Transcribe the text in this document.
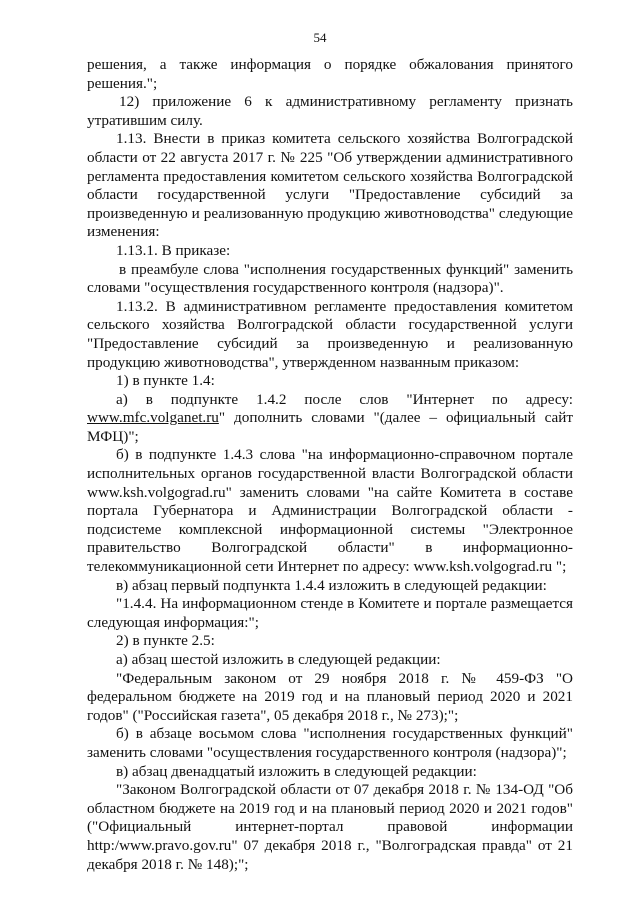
54

решения, а также информация о порядке обжалования принятого решения.";

12) приложение 6 к административному регламенту признать утратившим силу.

1.13. Внести в приказ комитета сельского хозяйства Волгоградской области от 22 августа 2017 г. № 225 "Об утверждении административного регламента предоставления комитетом сельского хозяйства Волгоградской области государственной услуги "Предоставление субсидий за произведенную и реализованную продукцию животноводства" следующие изменения:

1.13.1. В приказе:

в преамбуле слова "исполнения государственных функций" заменить словами "осуществления государственного контроля (надзора)".

1.13.2. В административном регламенте предоставления комитетом сельского хозяйства Волгоградской области государственной услуги "Предоставление субсидий за произведенную и реализованную продукцию животноводства", утвержденном названным приказом:

1) в пункте 1.4:

а) в подпункте 1.4.2 после слов "Интернет по адресу: www.mfc.volganet.ru" дополнить словами "(далее – официальный сайт МФЦ)";

б) в подпункте 1.4.3 слова "на информационно-справочном портале исполнительных органов государственной власти Волгоградской области www.ksh.volgograd.ru" заменить словами "на сайте Комитета в составе портала Губернатора и Администрации Волгоградской области - подсистеме комплексной информационной системы "Электронное правительство Волгоградской области" в информационно-телекоммуникационной сети Интернет по адресу: www.ksh.volgograd.ru ";

в) абзац первый подпункта 1.4.4 изложить в следующей редакции:

"1.4.4. На информационном стенде в Комитете и портале размещается следующая информация:";

2) в пункте 2.5:

а) абзац шестой изложить в следующей редакции:

"Федеральным законом от 29 ноября 2018 г. № 459-ФЗ "О федеральном бюджете на 2019 год и на плановый период 2020 и 2021 годов" ("Российская газета", 05 декабря 2018 г., № 273);";

б) в абзаце восьмом слова "исполнения государственных функций" заменить словами "осуществления государственного контроля (надзора)";

в) абзац двенадцатый изложить в следующей редакции:

"Законом Волгоградской области от 07 декабря 2018 г. № 134-ОД "Об областном бюджете на 2019 год и на плановый период 2020 и 2021 годов" ("Официальный интернет-портал правовой информации http:/www.pravo.gov.ru" 07 декабря 2018 г., "Волгоградская правда" от 21 декабря 2018 г. № 148);";
